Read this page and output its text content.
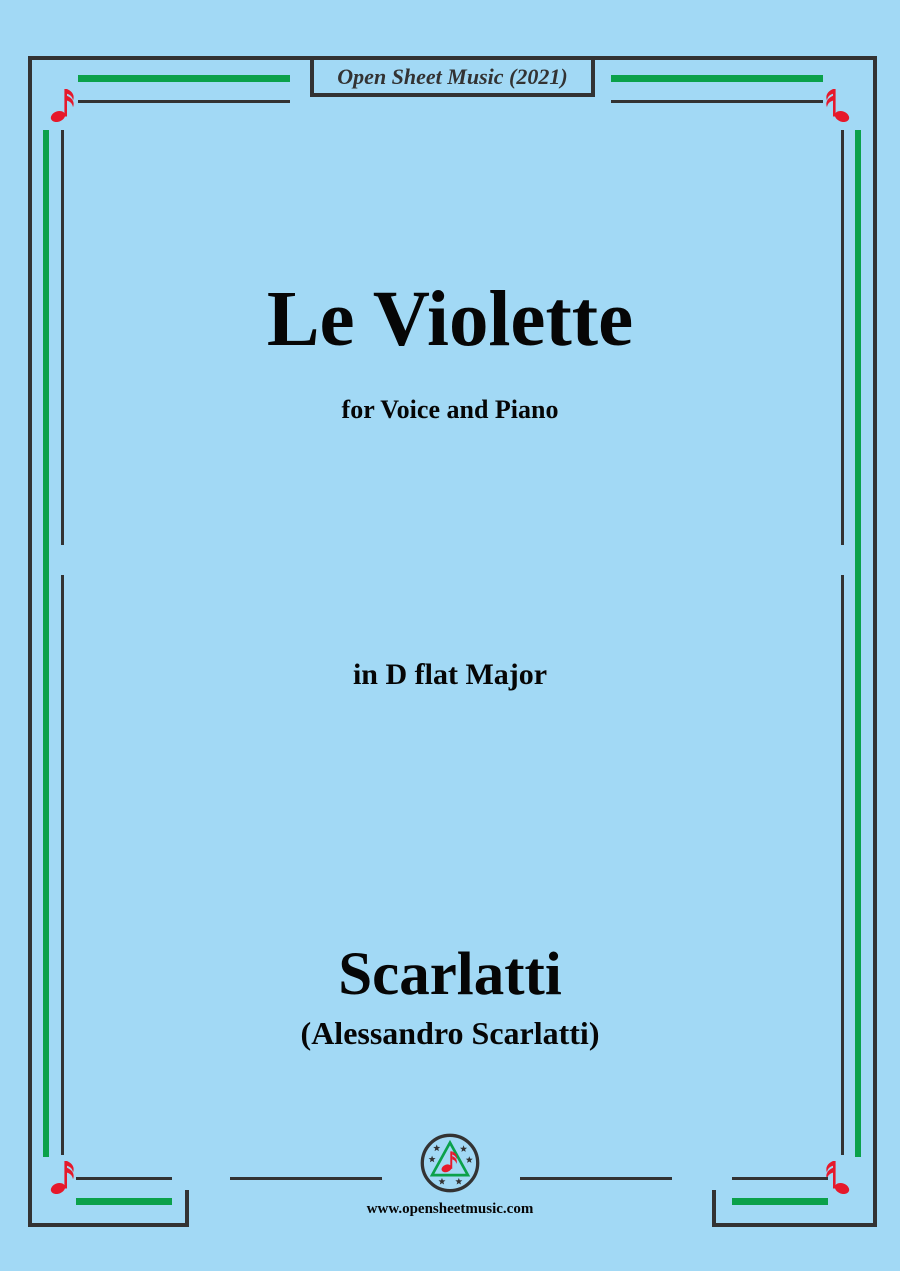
Open Sheet Music (2021)
Le Violette
for Voice and Piano
in D flat Major
Scarlatti
(Alessandro Scarlatti)
www.opensheetmusic.com
